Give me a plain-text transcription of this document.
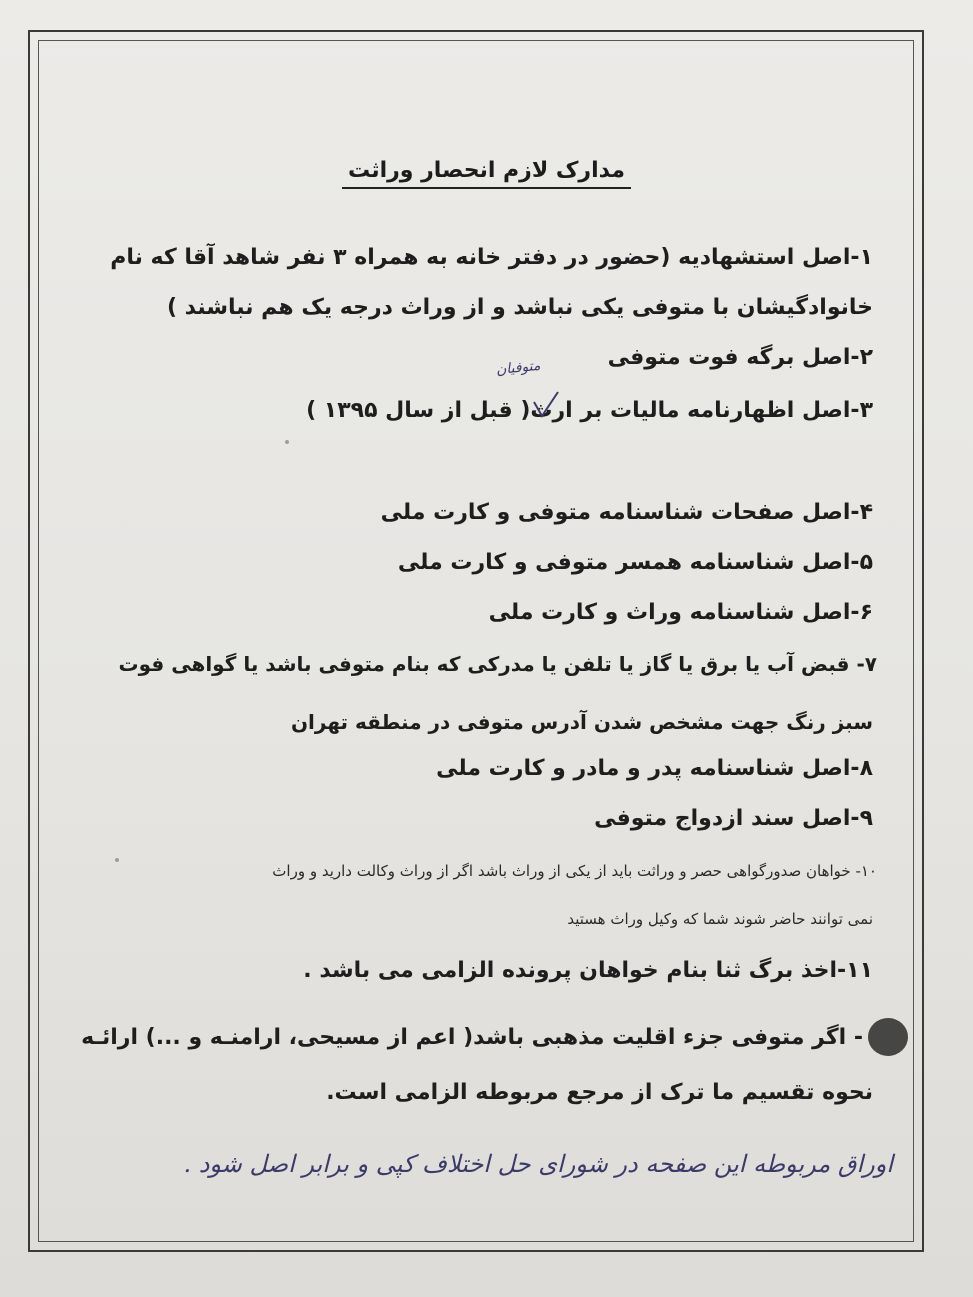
مدارک لازم انحصار وراثت
۱-اصل استشهادیه (حضور در دفتر خانه به همراه ۳ نفر شاهد آقا که نام
خانوادگیشان با متوفی یکی نباشد و از وراث درجه یک هم نباشند )
۲-اصل برگه فوت متوفی
۳-اصل اظهارنامه مالیات بر ارث( قبل از سال ۱۳۹۵ )
متوفیان
۴-اصل صفحات شناسنامه متوفی و کارت ملی
۵-اصل شناسنامه همسر متوفی و کارت ملی
۶-اصل شناسنامه وراث و کارت ملی
۷- قبض آب یا برق یا گاز یا تلفن یا مدرکی که بنام متوفی باشد یا گواهی فوت
سبز رنگ جهت مشخص شدن آدرس متوفی در منطقه تهران
۸-اصل شناسنامه پدر و مادر و کارت ملی
۹-اصل سند ازدواج متوفی
۱۰- خواهان صدورگواهی حصر و وراثت باید از یکی از وراث باشد اگر از وراث وکالت دارید و وراث
نمی توانند حاضر شوند شما که وکیل وراث هستید
۱۱-اخذ برگ ثنا بنام خواهان پرونده الزامی می باشد .
- اگر متوفی جزء اقلیت مذهبی باشد( اعم از مسیحی، ارامنـه و ...) ارائـه
نحوه تقسیم ما ترک از مرجع مربوطه الزامی است.
اوراق مربوطه این صفحه در شورای حل اختلاف کپی و برابر اصل شود .
